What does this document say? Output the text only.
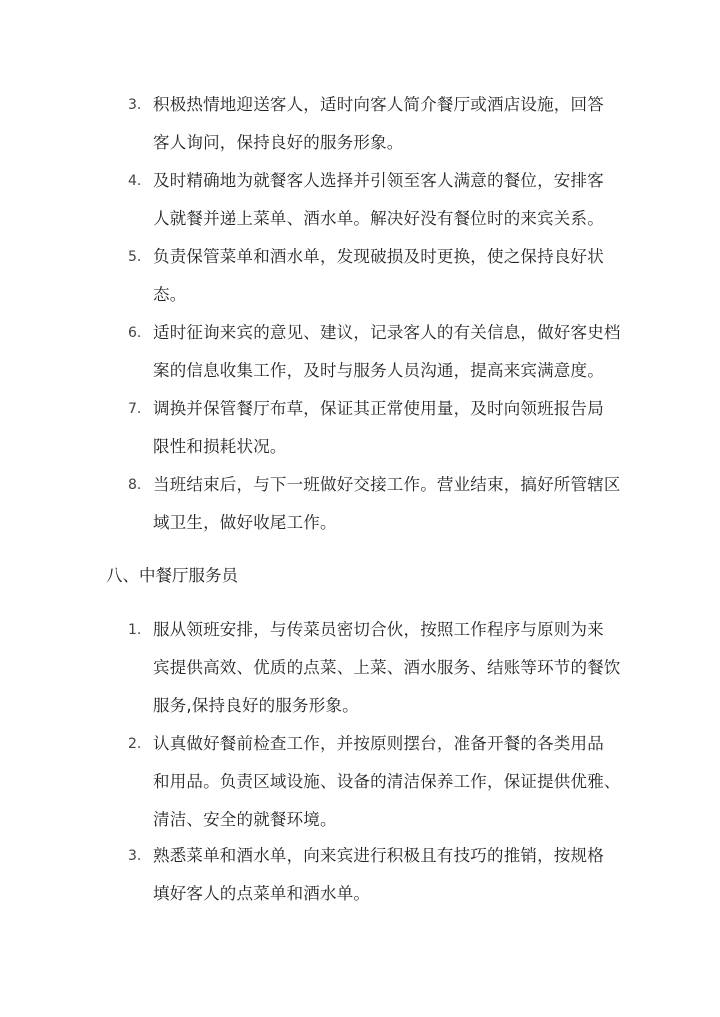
3. 积极热情地迎送客人，适时向客人简介餐厅或酒店设施，回答
客人询问，保持良好的服务形象。
4. 及时精确地为就餐客人选择并引领至客人满意的餐位，安排客
人就餐并递上菜单、酒水单。解决好没有餐位时的来宾关系。
5. 负责保管菜单和酒水单，发现破损及时更换，使之保持良好状
态。
6. 适时征询来宾的意见、建议，记录客人的有关信息，做好客史档
案的信息收集工作，及时与服务人员沟通，提高来宾满意度。
7. 调换并保管餐厅布草，保证其正常使用量，及时向领班报告局
限性和损耗状况。
8. 当班结束后，与下一班做好交接工作。营业结束，搞好所管辖区
域卫生，做好收尾工作。
八、中餐厅服务员
1. 服从领班安排，与传菜员密切合伙，按照工作程序与原则为来
宾提供高效、优质的点菜、上菜、酒水服务、结账等环节的餐饮
服务,保持良好的服务形象。
2. 认真做好餐前检查工作，并按原则摆台，准备开餐的各类用品
和用品。负责区域设施、设备的清洁保养工作，保证提供优雅、
清洁、安全的就餐环境。
3. 熟悉菜单和酒水单，向来宾进行积极且有技巧的推销，按规格
填好客人的点菜单和酒水单。
